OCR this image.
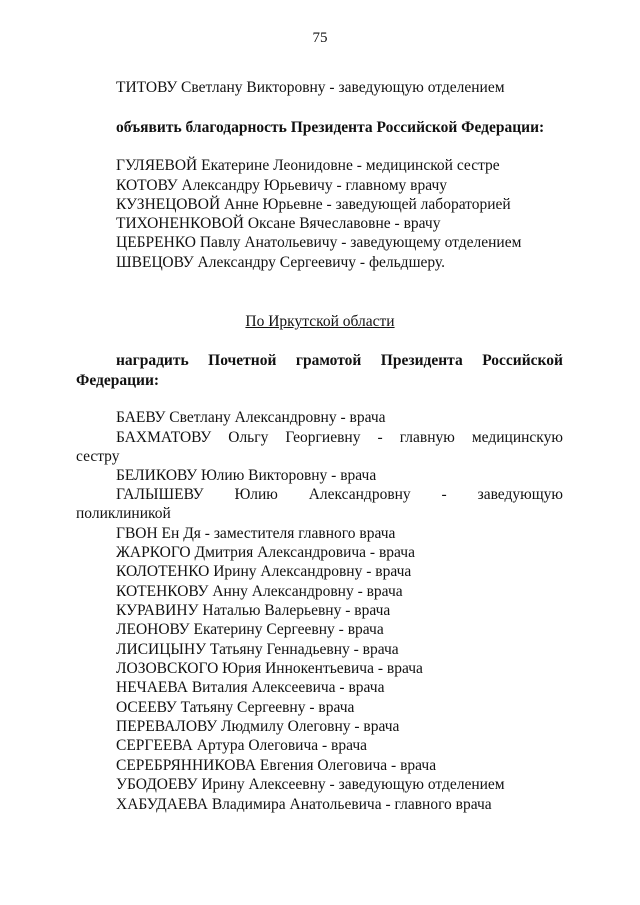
75
ТИТОВУ Светлану Викторовну - заведующую отделением
объявить благодарность Президента Российской Федерации:
ГУЛЯЕВОЙ Екатерине Леонидовне - медицинской сестре
КОТОВУ Александру Юрьевичу - главному врачу
КУЗНЕЦОВОЙ Анне Юрьевне - заведующей лабораторией
ТИХОНЕНКОВОЙ Оксане Вячеславовне - врачу
ЦЕБРЕНКО Павлу Анатольевичу - заведующему отделением
ШВЕЦОВУ Александру Сергеевичу - фельдшеру.
По Иркутской области
наградить Почетной грамотой Президента Российской
Федерации:
БАЕВУ Светлану Александровну - врача
БАХМАТОВУ Ольгу Георгиевну - главную медицинскую
сестру
БЕЛИКОВУ Юлию Викторовну - врача
ГАЛЫШЕВУ Юлию Александровну - заведующую
поликлиникой
ГВОН Ен Дя - заместителя главного врача
ЖАРКОГО Дмитрия Александровича - врача
КОЛОТЕНКО Ирину Александровну - врача
КОТЕНКОВУ Анну Александровну - врача
КУРАВИНУ Наталью Валерьевну - врача
ЛЕОНОВУ Екатерину Сергеевну - врача
ЛИСИЦЫНУ Татьяну Геннадьевну - врача
ЛОЗОВСКОГО Юрия Иннокентьевича - врача
НЕЧАЕВА Виталия Алексеевича - врача
ОСЕЕВУ Татьяну Сергеевну - врача
ПЕРЕВАЛОВУ Людмилу Олеговну - врача
СЕРГЕЕВА Артура Олеговича - врача
СЕРЕБРЯННИКОВА Евгения Олеговича - врача
УБОДОЕВУ Ирину Алексеевну - заведующую отделением
ХАБУДАЕВА Владимира Анатольевича - главного врача
